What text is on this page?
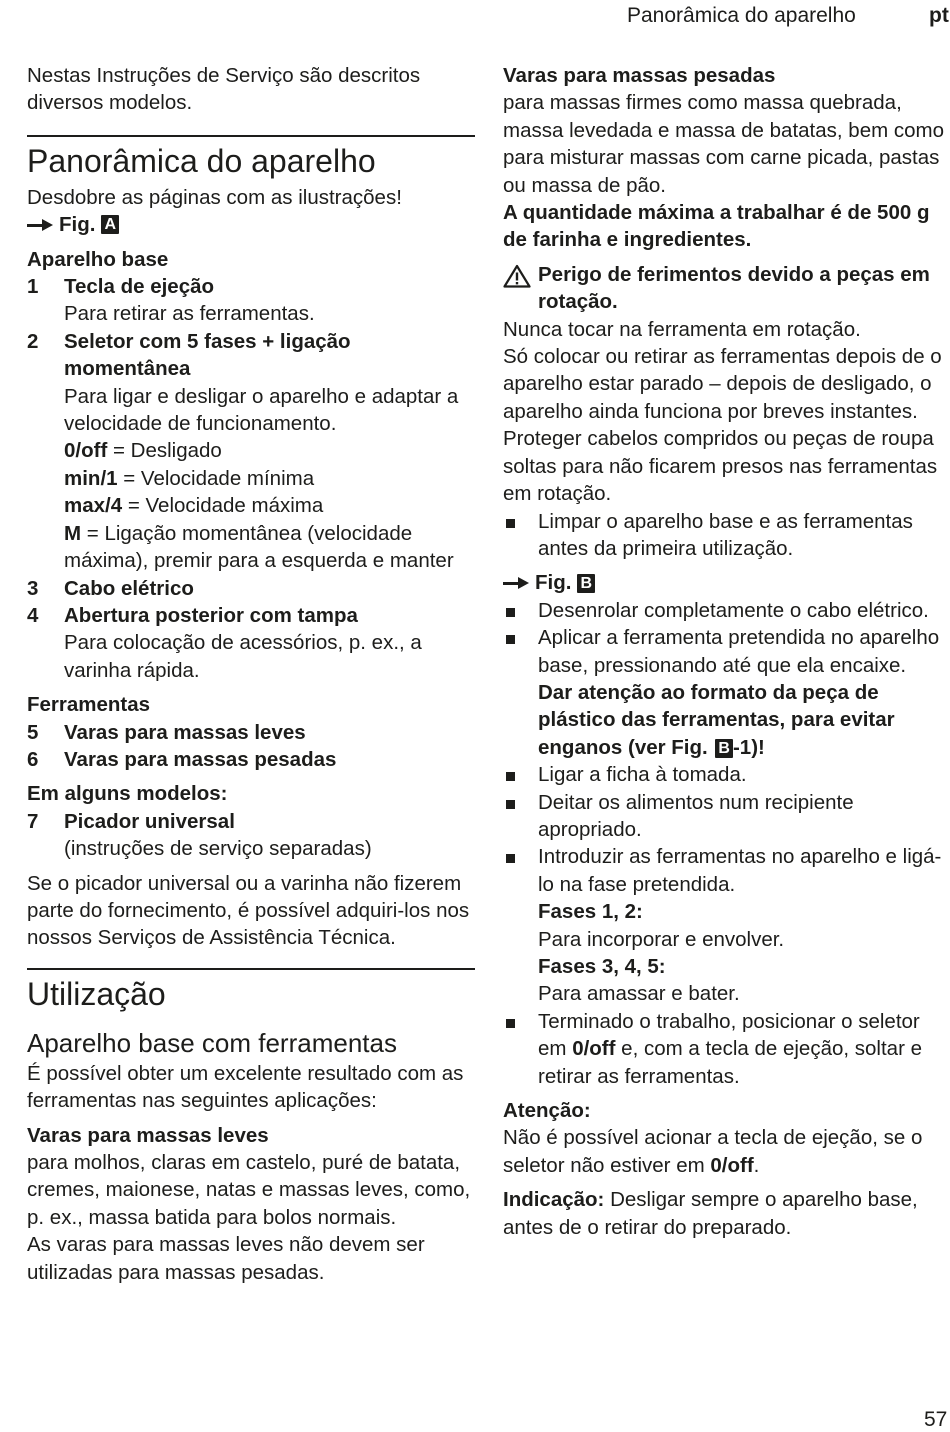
Panorâmica do aparelho	pt

Nestas Instruções de Serviço são descritos diversos modelos.

Panorâmica do aparelho

Desdobre as páginas com as ilustrações!

Fig. A

Aparelho base

1	Tecla de ejeção

Para retirar as ferramentas.

2	Seletor com 5 fases + ligação momentânea

Para ligar e desligar o aparelho e adaptar a velocidade de funcionamento.

0/off = Desligado

min/1 = Velocidade mínima

max/4 = Velocidade máxima

M = Ligação momentânea (velocidade máxima), premir para a esquerda e manter

3	Cabo elétrico

4	Abertura posterior com tampa

Para colocação de acessórios, p. ex., a varinha rápida.

Ferramentas

5	Varas para massas leves

6	Varas para massas pesadas

Em alguns modelos:

7	Picador universal

(instruções de serviço separadas)

Se o picador universal ou a varinha não fizerem parte do fornecimento, é possível adquiri-los nos nossos Serviços de Assistência Técnica.

Utilização
Aparelho base com ferramentas

É possível obter um excelente resultado com as ferramentas nas seguintes aplicações:

Varas para massas leves

para molhos, claras em castelo, puré de batata, cremes, maionese, natas e massas leves, como, p. ex., massa batida para bolos normais.

As varas para massas leves não devem ser utilizadas para massas pesadas.

Varas para massas pesadas

para massas firmes como massa quebrada, massa levedada e massa de batatas, bem como para misturar massas com carne picada, pastas ou massa de pão.

A quantidade máxima a trabalhar é de 500 g de farinha e ingredientes.

Perigo de ferimentos devido a peças em rotação.

Nunca tocar na ferramenta em rotação.

Só colocar ou retirar as ferramentas depois de o aparelho estar parado – depois de desligado, o aparelho ainda funciona por breves instantes. Proteger cabelos compridos ou peças de roupa soltas para não ficarem presos nas ferramentas em rotação.

Limpar o aparelho base e as ferramentas antes da primeira utilização.
Fig. B
Desenrolar completamente o cabo elétrico.

Aplicar a ferramenta pretendida no aparelho base, pressionando até que ela encaixe.

Dar atenção ao formato da peça de plástico das ferramentas, para evitar enganos (ver Fig. B -1)!

Ligar a ficha à tomada.
Deitar os alimentos num recipiente apropriado.

Introduzir as ferramentas no aparelho e ligá-lo na fase pretendida.

Fases 1, 2:

Para incorporar e envolver.

Fases 3, 4, 5:

Para amassar e bater.

Terminado o trabalho, posicionar o seletor em 0/off e, com a tecla de ejeção, soltar e retirar as ferramentas.

Atenção:

Não é possível acionar a tecla de ejeção, se o seletor não estiver em 0/off.

Indicação: Desligar sempre o aparelho base, antes de o retirar do preparado.

57
